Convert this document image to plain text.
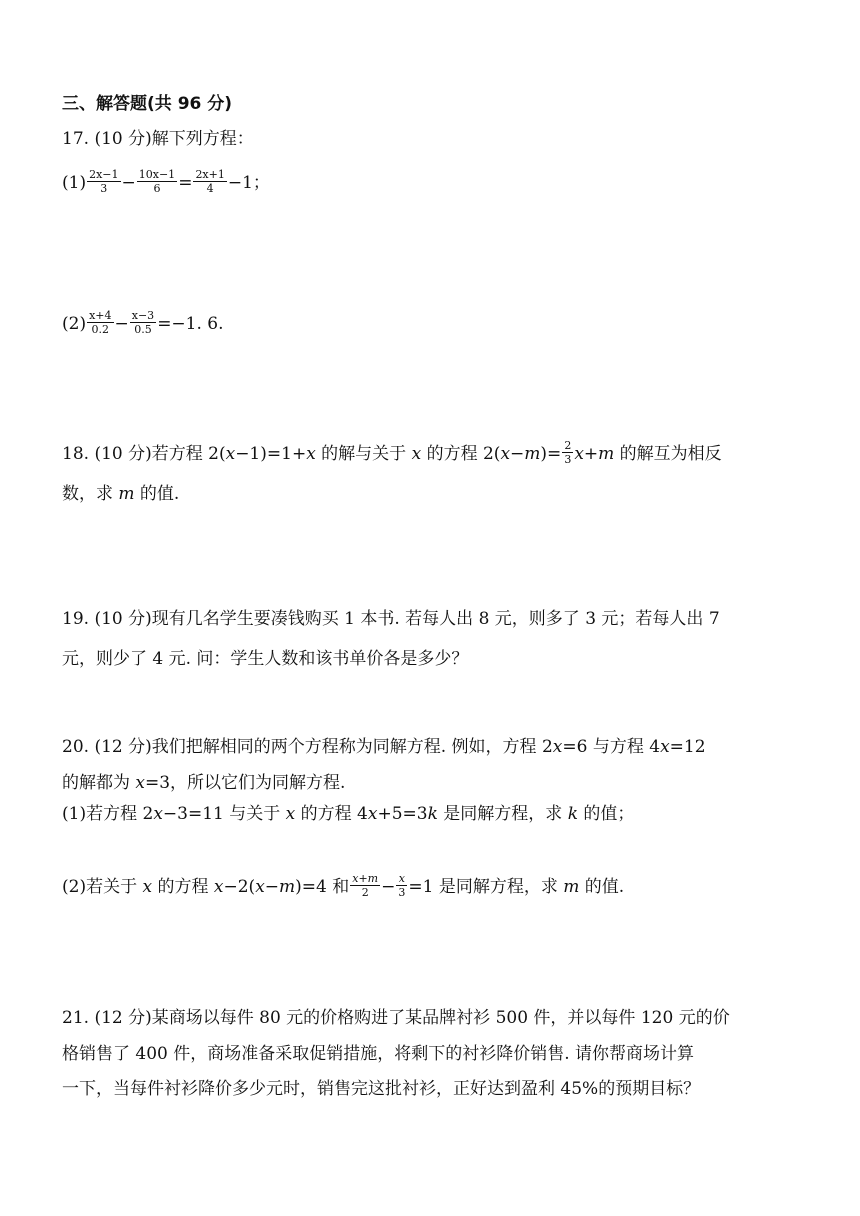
三、解答题(共 96 分)
17. (10 分)解下列方程：
$(1) \frac{2x-1}{3} - \frac{10x-1}{6} = \frac{2x+1}{4} -1$；
$(2) \frac{x+4}{0.2} - \frac{x-3}{0.5} =-1$. 6.
18. (10 分)若方程 2(x−1)=1+x 的解与关于 x 的方程 $2(x-m)= \frac{2}{3} x+m$ 的解互为相反
数，求 m 的值.
19. (10 分)现有几名学生要凑钱购买 1 本书. 若每人出 8 元，则多了 3 元；若每人出 7
元，则少了 4 元. 问：学生人数和该书单价各是多少？
20. (12 分)我们把解相同的两个方程称为同解方程. 例如，方程 2x=6 与方程 4x=12
的解都为 x=3，所以它们为同解方程.
(1)若方程 2x−3=11 与关于 x 的方程 4x+5=3k 是同解方程，求 k 的值；
(2)若关于 x 的方程 x−2(x−m)=4 和 $\frac{x+m}{2} - \frac{x}{3} =1$ 是同解方程，求 m 的值.
21. (12 分)某商场以每件 80 元的价格购进了某品牌衬衫 500 件，并以每件 120 元的价
格销售了 400 件，商场准备采取促销措施，将剩下的衬衫降价销售. 请你帮商场计算
一下，当每件衬衫降价多少元时，销售完这批衬衫，正好达到盈利 45%的预期目标？
